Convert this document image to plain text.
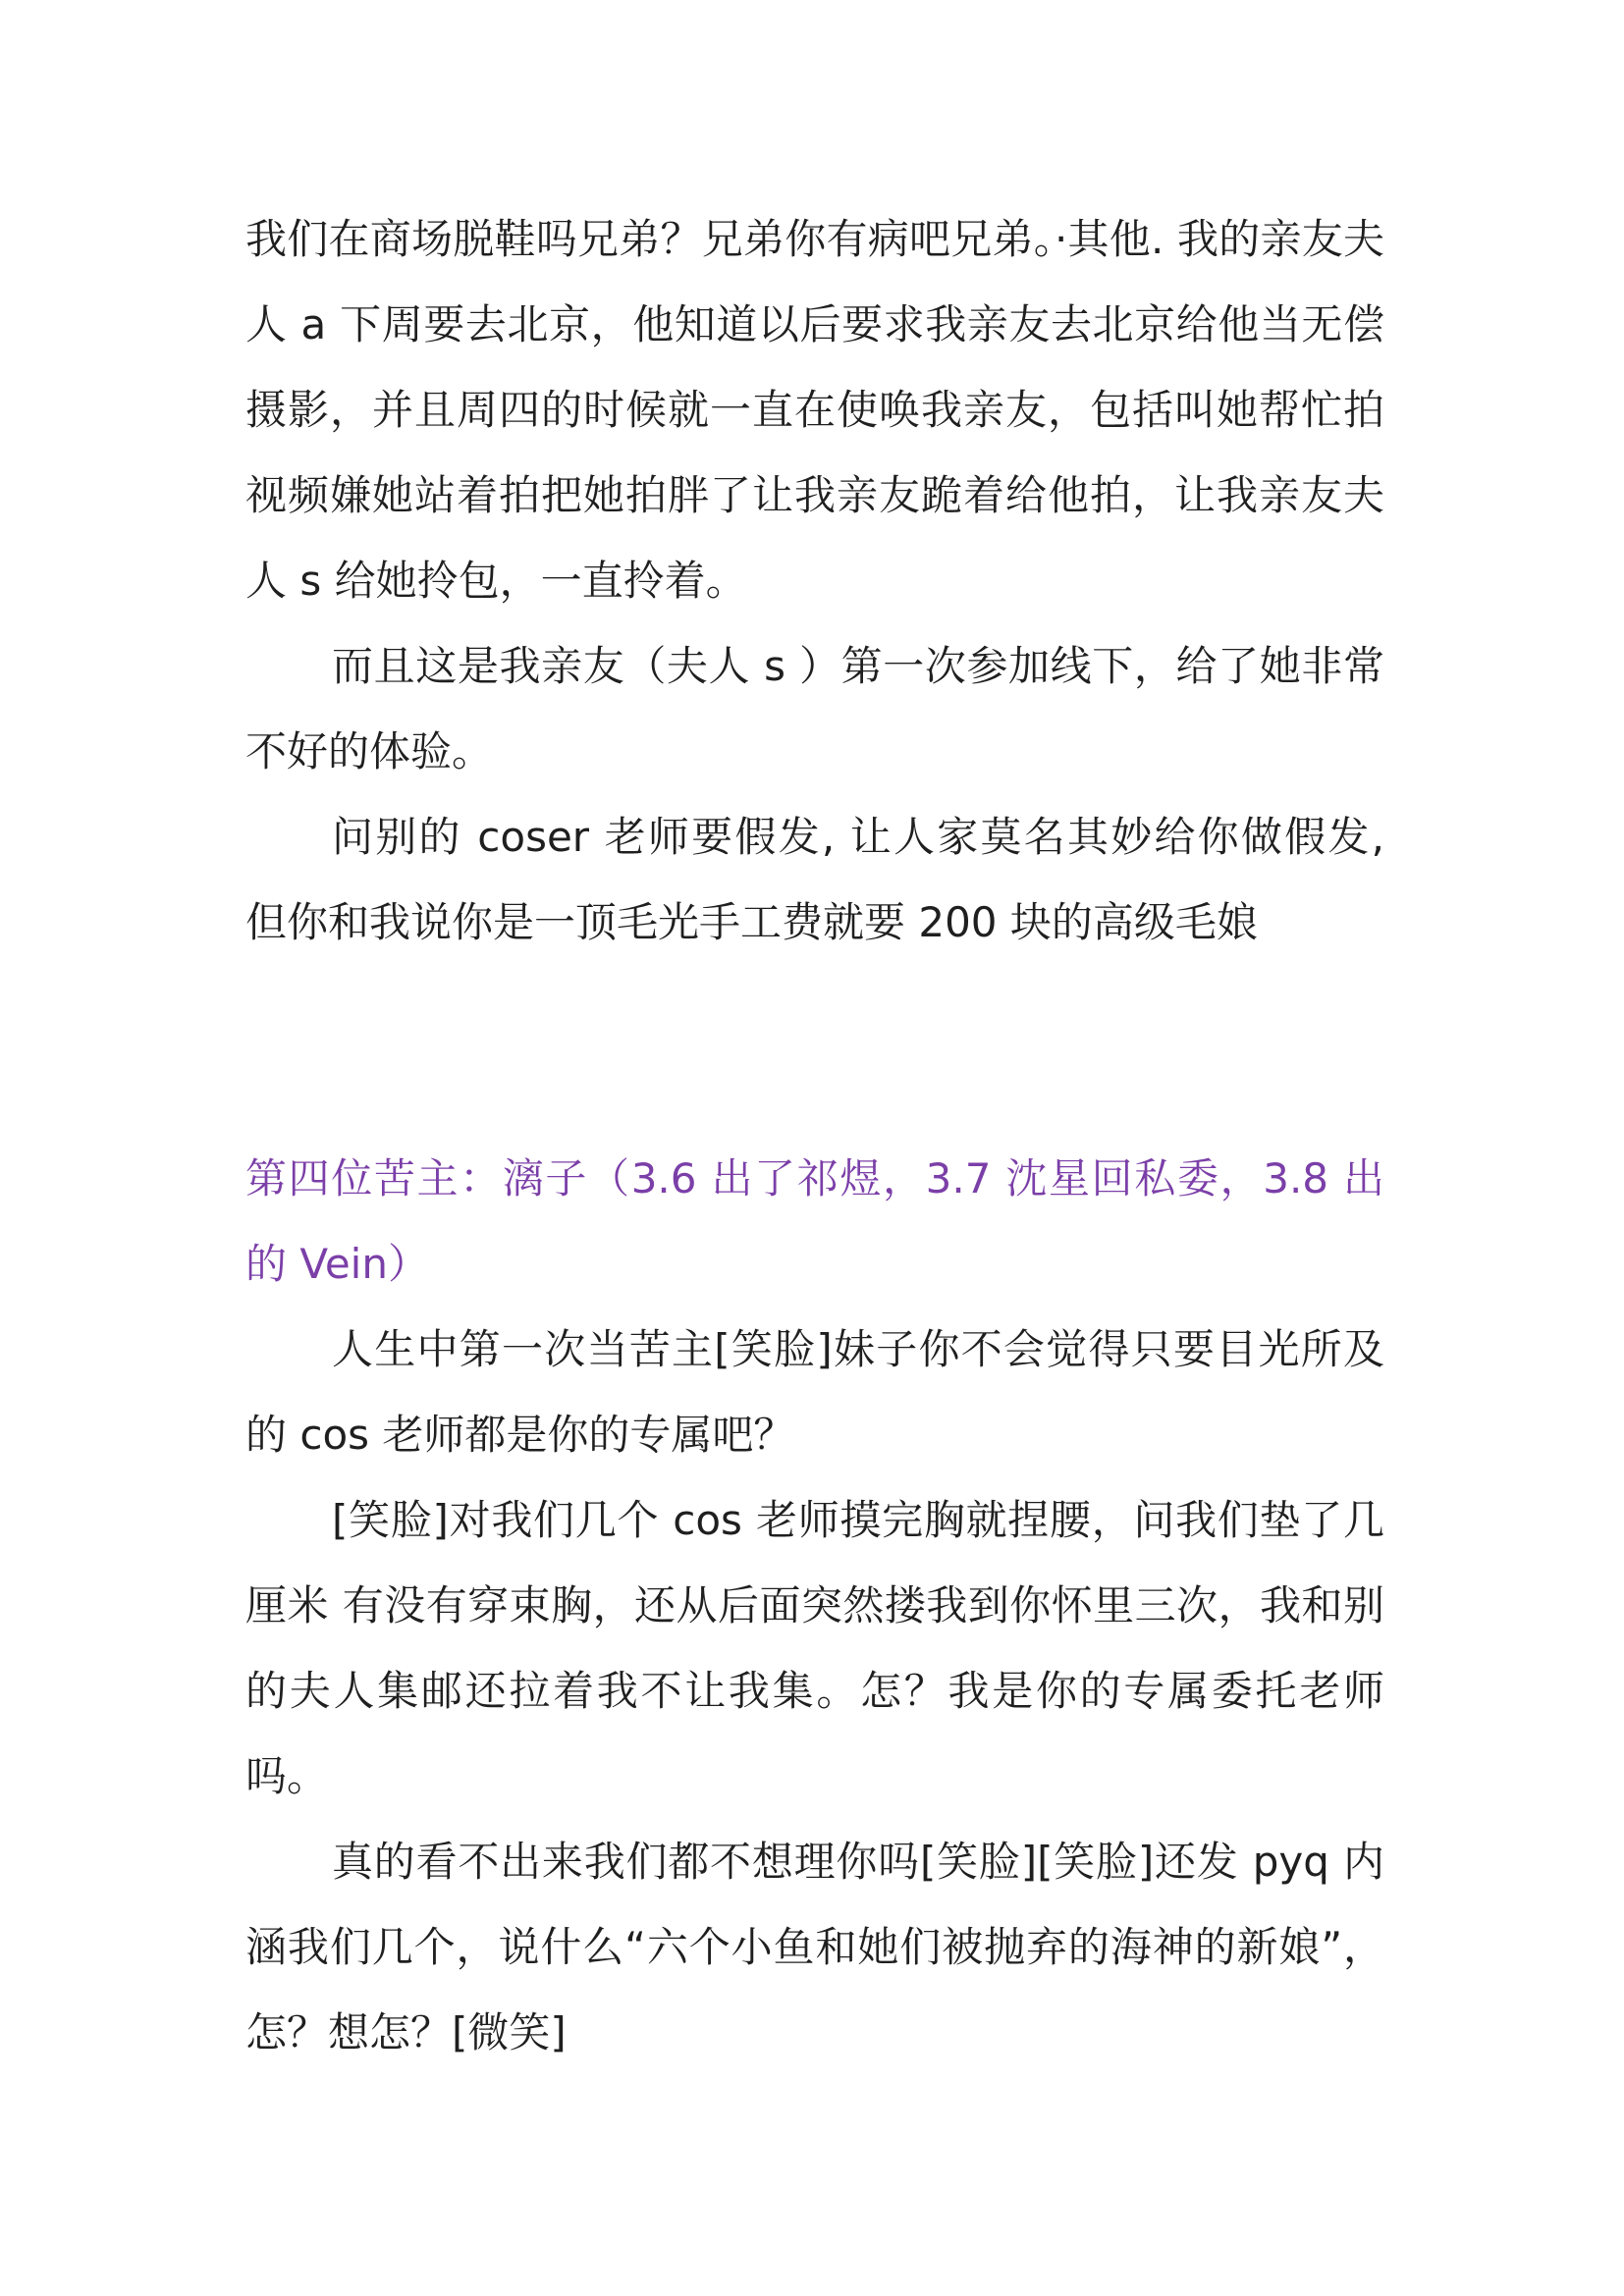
我们在商场脱鞋吗兄弟？兄弟你有病吧兄弟。·其他. 我的亲友夫人 a 下周要去北京，他知道以后要求我亲友去北京给他当无偿摄影，并且周四的时候就一直在使唤我亲友，包括叫她帮忙拍视频嫌她站着拍把她拍胖了让我亲友跪着给他拍，让我亲友夫人 s 给她拎包，一直拎着。

而且这是我亲友（夫人 s ）第一次参加线下，给了她非常不好的体验。

问别的 coser 老师要假发, 让人家莫名其妙给你做假发, 但你和我说你是一顶毛光手工费就要 200 块的高级毛娘

第四位苦主：漓子（3.6 出了祁煜，3.7 沈星回私委，3.8 出的 Vein）

人生中第一次当苦主[笑脸]妹子你不会觉得只要目光所及的 cos 老师都是你的专属吧？

[笑脸]对我们几个 cos 老师摸完胸就捏腰，问我们垫了几厘米 有没有穿束胸，还从后面突然搂我到你怀里三次，我和别的夫人集邮还拉着我不让我集。怎？我是你的专属委托老师吗。

真的看不出来我们都不想理你吗[笑脸][笑脸]还发 pyq 内涵我们几个，说什么“六个小鱼和她们被抛弃的海神的新娘”，怎？想怎？[微笑]
